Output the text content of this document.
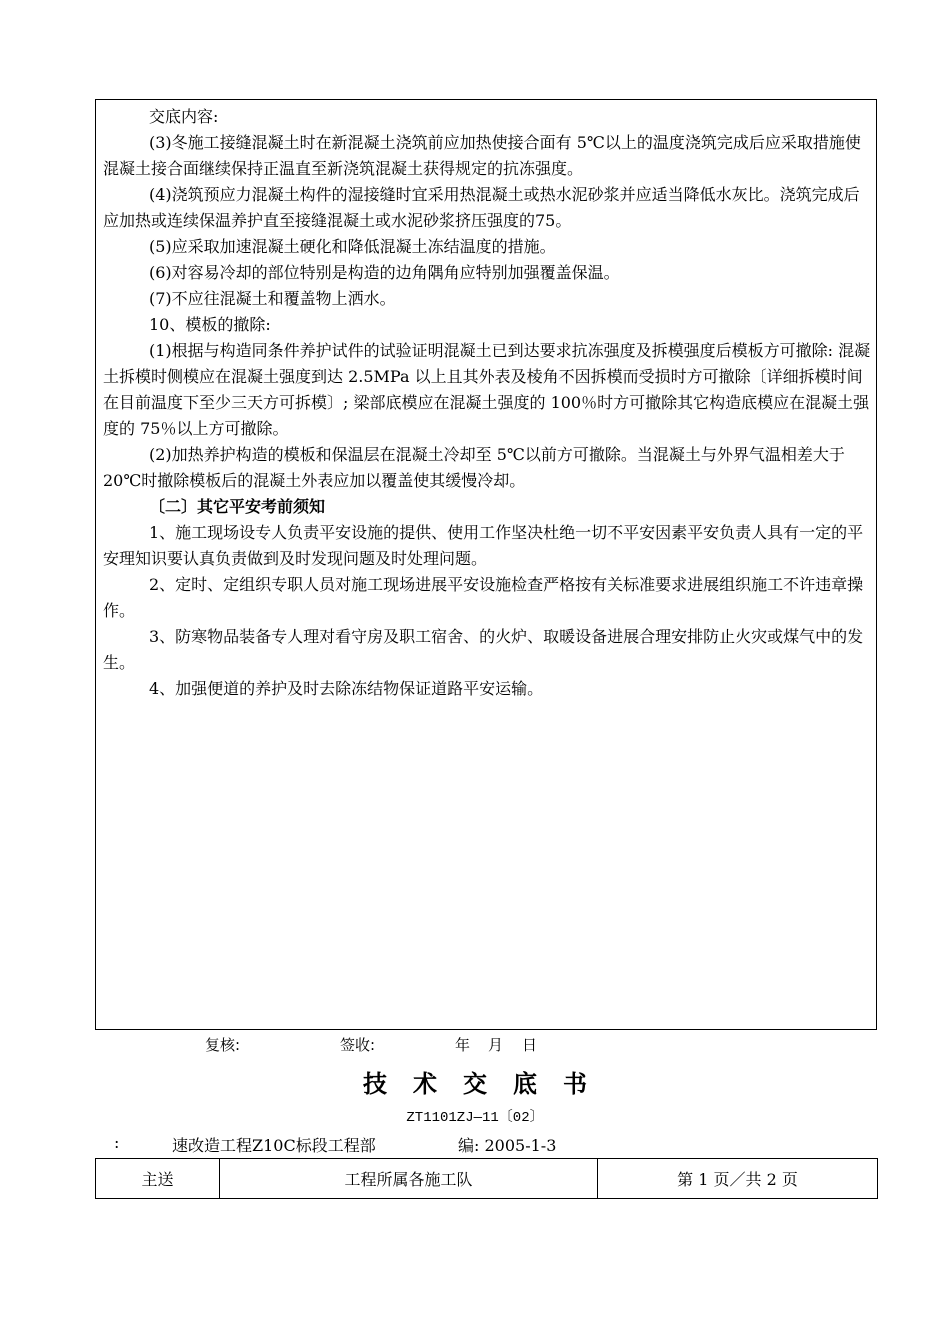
交底内容:

(3)冬施工接缝混凝土时在新混凝土浇筑前应加热使接合面有 5℃以上的温度浇筑完成后应采取措施使混凝土接合面继续保持正温直至新浇筑混凝土获得规定的抗冻强度。

(4)浇筑预应力混凝土构件的湿接缝时宜采用热混凝土或热水泥砂浆并应适当降低水灰比。浇筑完成后应加热或连续保温养护直至接缝混凝土或水泥砂浆挤压强度的75。

(5)应采取加速混凝土硬化和降低混凝土冻结温度的措施。

(6)对容易冷却的部位特别是构造的边角隅角应特别加强覆盖保温。

(7)不应往混凝土和覆盖物上洒水。

10、模板的撤除:

(1)根据与构造同条件养护试件的试验证明混凝土已到达要求抗冻强度及拆模强度后模板方可撤除: 混凝土拆模时侧模应在混凝土强度到达 2.5MPa 以上且其外表及棱角不因拆模而受损时方可撤除〔详细拆模时间在目前温度下至少三天方可拆模〕; 梁部底模应在混凝土强度的 100％时方可撤除其它构造底模应在混凝土强度的 75％以上方可撤除。

(2)加热养护构造的模板和保温层在混凝土冷却至 5℃以前方可撤除。当混凝土与外界气温相差大于 20℃时撤除模板后的混凝土外表应加以覆盖使其缓慢冷却。

〔二〕其它平安考前须知

1、施工现场设专人负责平安设施的提供、使用工作坚决杜绝一切不平安因素平安负责人具有一定的平安理知识要认真负责做到及时发现问题及时处理问题。

2、定时、定组织专职人员对施工现场进展平安设施检查严格按有关标准要求进展组织施工不许违章操作。

3、防寒物品装备专人理对看守房及职工宿舍、的火炉、取暖设备进展合理安排防止火灾或煤气中的发生。

4、加强便道的养护及时去除冻结物保证道路平安运输。

复核:	签收:	年 月 日
技术交底书
ZT1101ZJ—11〔02〕
:	速改造工程Z10C标段工程部	编: 2005-1-3
主送	工程所属各施工队	第 1 页／共 2 页
